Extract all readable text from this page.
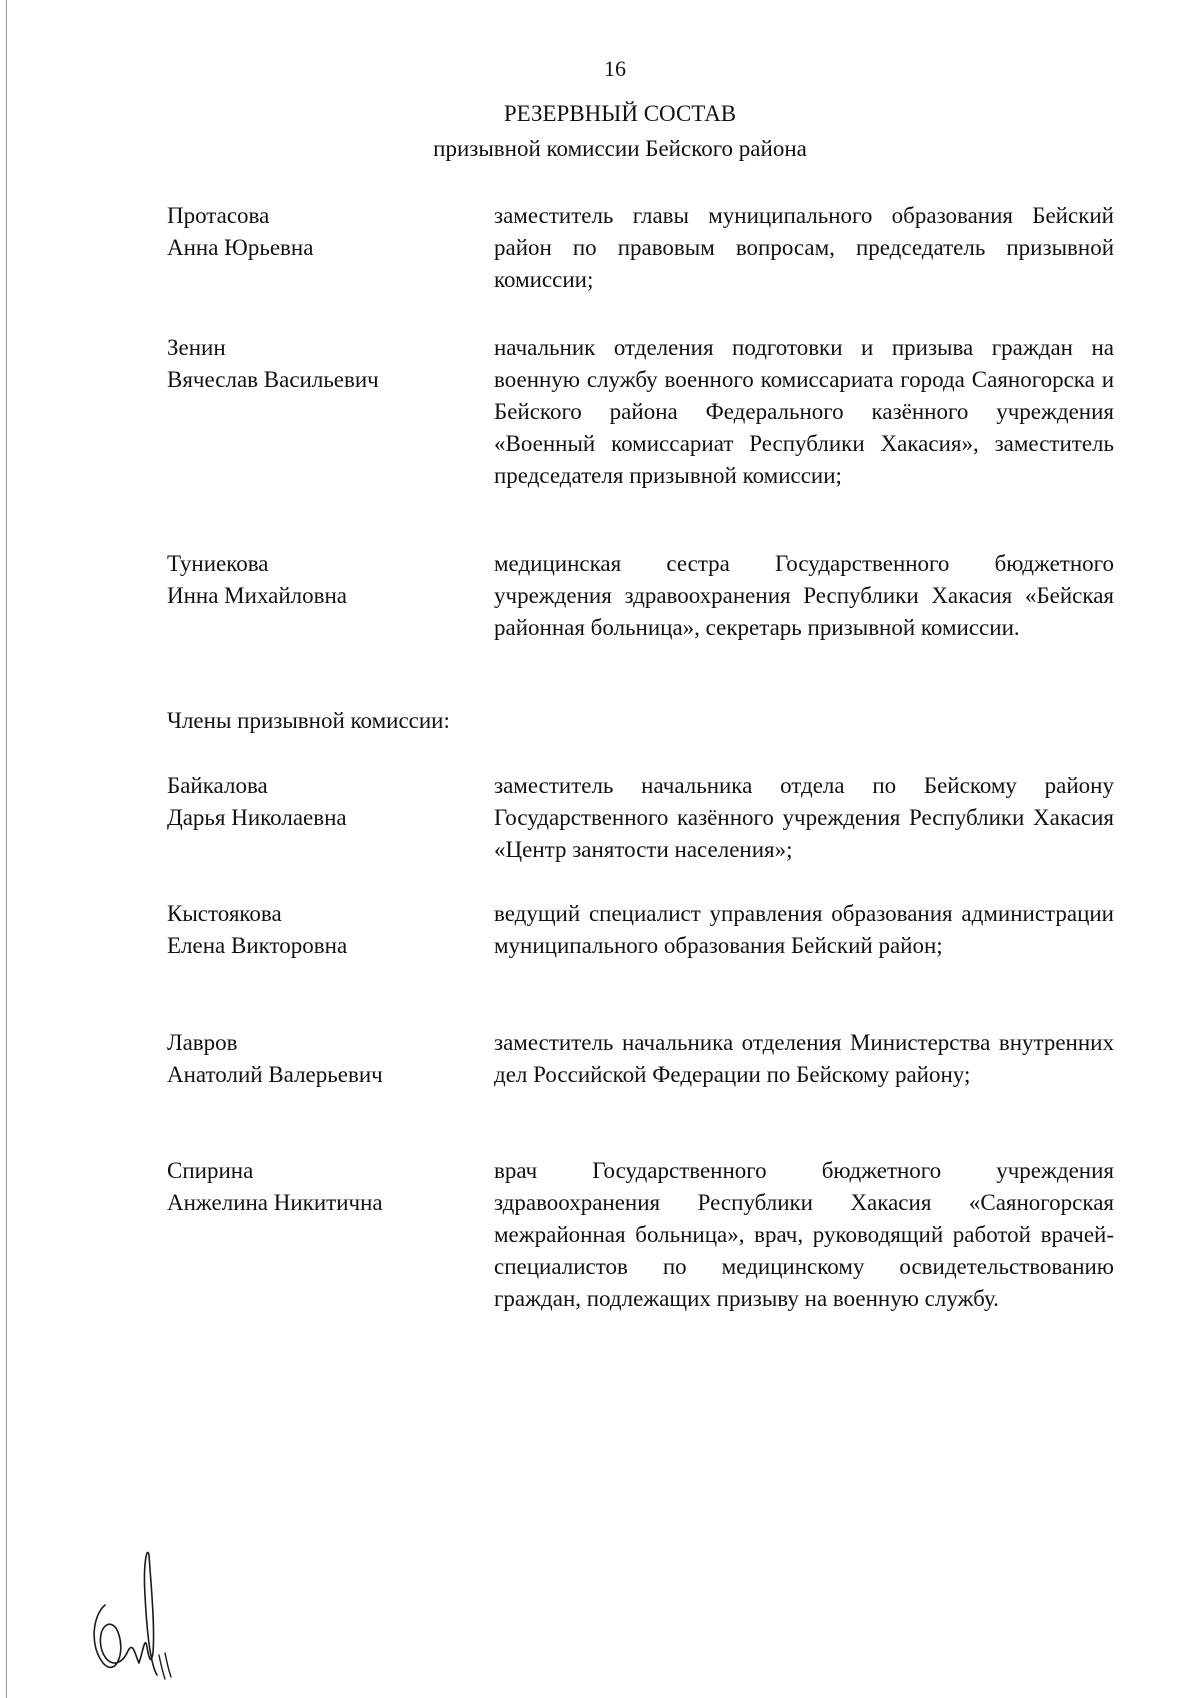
16
РЕЗЕРВНЫЙ СОСТАВ
призывной комиссии Бейского района
Протасова
Анна Юрьевна
заместитель главы муниципального образования Бейский район по правовым вопросам, председатель призывной комиссии;
Зенин
Вячеслав Васильевич
начальник отделения подготовки и призыва граждан на военную службу военного комиссариата города Саяногорска и Бейского района Федерального казённого учреждения «Военный комиссариат Республики Хакасия», заместитель председателя призывной комиссии;
Туниекова
Инна Михайловна
медицинская сестра Государственного бюджетного учреждения здравоохранения Республики Хакасия «Бейская районная больница», секретарь призывной комиссии.
Члены призывной комиссии:
Байкалова
Дарья Николаевна
заместитель начальника отдела по Бейскому району Государственного казённого учреждения Республики Хакасия «Центр занятости населения»;
Кыстоякова
Елена Викторовна
ведущий специалист управления образования администрации муниципального образования Бейский район;
Лавров
Анатолий Валерьевич
заместитель начальника отделения Министерства внутренних дел Российской Федерации по Бейскому району;
Спирина
Анжелина Никитична
врач Государственного бюджетного учреждения здравоохранения Республики Хакасия «Саяногорская межрайонная больница», врач, руководящий работой врачей-специалистов по медицинскому освидетельствованию граждан, подлежащих призыву на военную службу.
